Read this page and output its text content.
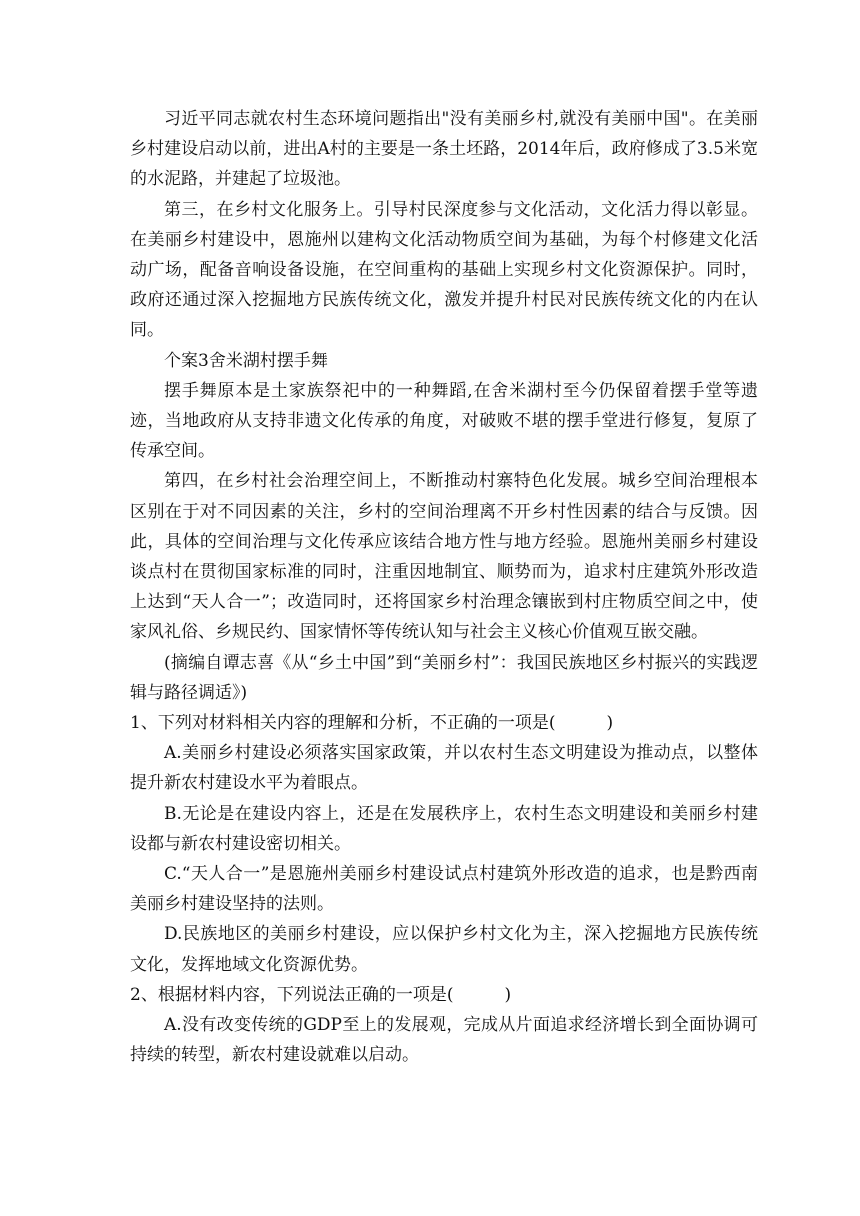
习近平同志就农村生态环境问题指出"没有美丽乡村,就没有美丽中国"。在美丽乡村建设启动以前，进出A村的主要是一条土坯路，2014年后，政府修成了3.5米宽的水泥路，并建起了垃圾池。

第三，在乡村文化服务上。引导村民深度参与文化活动，文化活力得以彰显。在美丽乡村建设中，恩施州以建构文化活动物质空间为基础，为每个村修建文化活动广场，配备音响设备设施，在空间重构的基础上实现乡村文化资源保护。同时，政府还通过深入挖掘地方民族传统文化，激发并提升村民对民族传统文化的内在认同。

个案3舍米湖村摆手舞

摆手舞原本是土家族祭祀中的一种舞蹈,在舍米湖村至今仍保留着摆手堂等遗迹，当地政府从支持非遗文化传承的角度，对破败不堪的摆手堂进行修复，复原了传承空间。

第四，在乡村社会治理空间上，不断推动村寨特色化发展。城乡空间治理根本区别在于对不同因素的关注，乡村的空间治理离不开乡村性因素的结合与反馈。因此，具体的空间治理与文化传承应该结合地方性与地方经验。恩施州美丽乡村建设谈点村在贯彻国家标准的同时，注重因地制宜、顺势而为，追求村庄建筑外形改造上达到“天人合一”；改造同时，还将国家乡村治理念镶嵌到村庄物质空间之中，使家风礼俗、乡规民约、国家情怀等传统认知与社会主义核心价值观互嵌交融。

(摘编自谭志喜《从“乡土中国”到“美丽乡村”：我国民族地区乡村振兴的实践逻辑与路径调适》)

1、下列对材料相关内容的理解和分析，不正确的一项是(　　　)

A.美丽乡村建设必须落实国家政策，并以农村生态文明建设为推动点，以整体提升新农村建设水平为着眼点。

B.无论是在建设内容上，还是在发展秩序上，农村生态文明建设和美丽乡村建设都与新农村建设密切相关。

C.“天人合一”是恩施州美丽乡村建设试点村建筑外形改造的追求，也是黔西南美丽乡村建设坚持的法则。

D.民族地区的美丽乡村建设，应以保护乡村文化为主，深入挖掘地方民族传统文化，发挥地域文化资源优势。

2、根据材料内容，下列说法正确的一项是(　　　)

A.没有改变传统的GDP至上的发展观，完成从片面追求经济增长到全面协调可持续的转型，新农村建设就难以启动。
